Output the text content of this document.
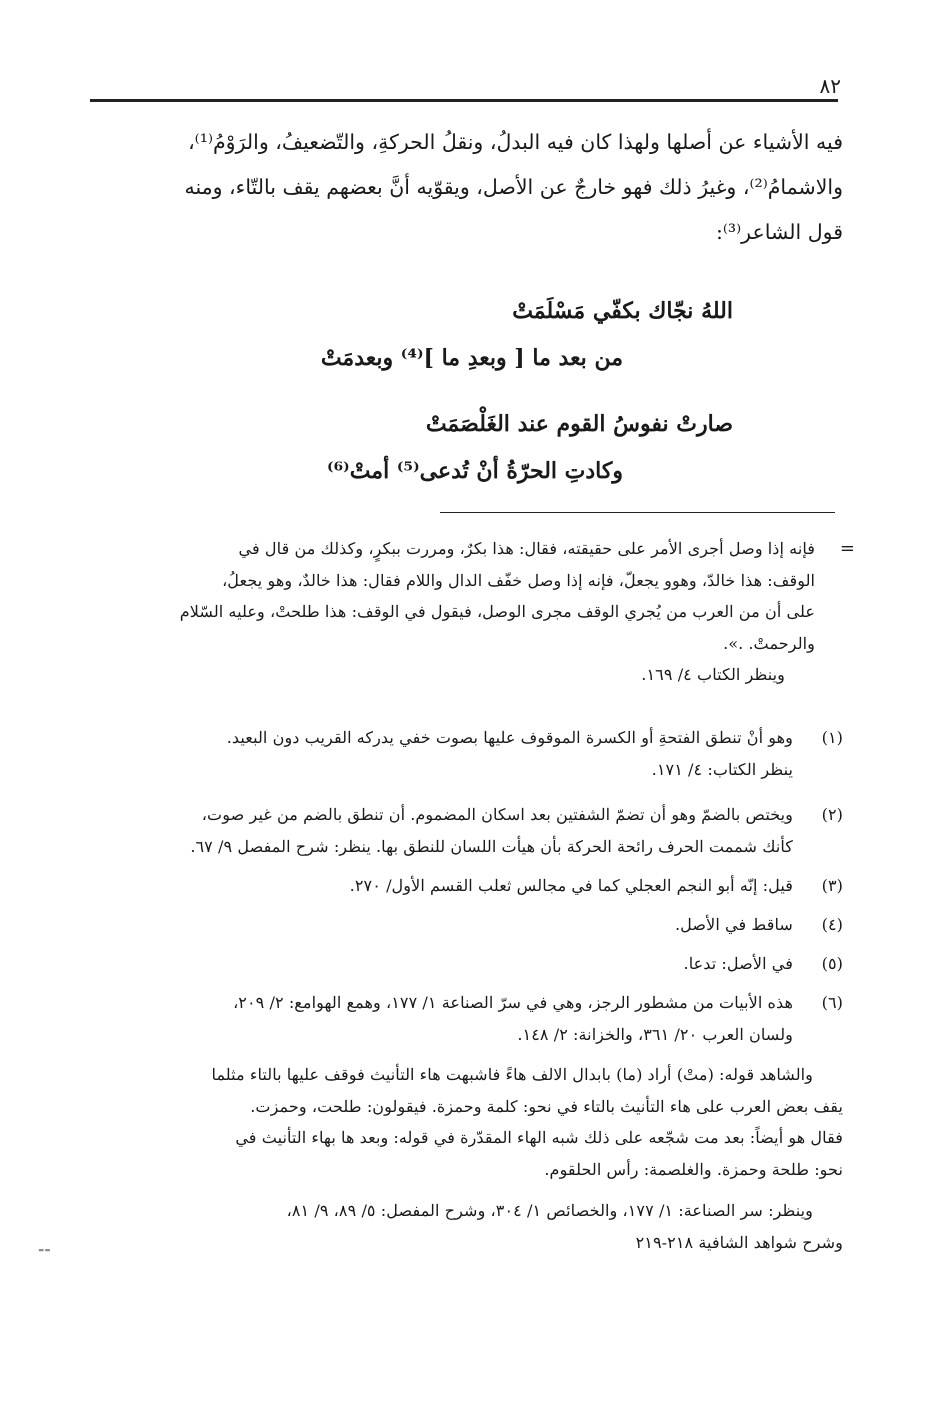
٨٢
فيه الأشياء عن أصلها ولهذا كان فيه البدلُ، ونقلُ الحركةِ، والتّضعيفُ، والرَوْمُ⁽¹⁾،
والاشمامُ⁽²⁾، وغيرُ ذلك فهو خارجٌ عن الأصل، ويقوّيه أنَّ بعضهم يقف بالتّاء، ومنه
قول الشاعر⁽³⁾:
اللهُ نجّاك بكفّي مَسْلَمَتْ
من بعد ما [ وبعدِ ما ]⁽⁴⁾ وبعدمَتْ
صارتْ نفوسُ القوم عند الغَلْصَمَتْ
وكادتِ الحرّةُ أنْ تُدعى⁽⁵⁾ أمتْ⁽⁶⁾
=
فإنه إذا وصل أجرى الأمر على حقيقته، فقال: هذا بكرٌ، ومررت ببكرٍ، وكذلك من قال في
الوقف: هذا خالدّ، وهوو يجعلّ، فإنه إذا وصل خفّف الدال واللام فقال: هذا خالدٌ، وهو يجعلُ،
على أن من العرب من يُجري الوقف مجرى الوصل، فيقول في الوقف: هذا طلحتْ، وعليه السّلام
والرحمتْ. .».
وينظر الكتاب ٤/ ١٦٩.
(١)
وهو أنْ تنطق الفتحةِ أو الكسرة الموقوف عليها بصوت خفي يدركه القريب دون البعيد.
ينظر الكتاب: ٤/ ١٧١.
(٢)
ويختص بالضمّ وهو أن تضمّ الشفتين بعد اسكان المضموم. أن تنطق بالضم من غير صوت،
كأنك شممت الحرف رائحة الحركة بأن هيأت اللسان للنطق بها. ينظر: شرح المفصل ٩/ ٦٧.
(٣)
قيل: إنّه أبو النجم العجلي كما في مجالس ثعلب القسم الأول/ ٢٧٠.
(٤)
ساقط في الأصل.
(٥)
في الأصل: تدعا.
(٦)
هذه الأبيات من مشطور الرجز، وهي في سرّ الصناعة ١/ ١٧٧، وهمع الهوامع: ٢/ ٢٠٩،
ولسان العرب ٢٠/ ٣٦١، والخزانة: ٢/ ١٤٨.
والشاهد قوله: (متْ) أراد (ما) بابدال الالف هاءً فاشبهت هاء التأنيث فوقف عليها بالتاء مثلما
يقف بعض العرب على هاء التأنيث بالتاء في نحو: كلمة وحمزة. فيقولون: طلحت، وحمزت.
فقال هو أيضاً: بعد مت شجّعه على ذلك شبه الهاء المقدّرة في قوله: وبعد ها بهاء التأنيث في
نحو: طلحة وحمزة. والغلصمة: رأس الحلقوم.
وينظر: سر الصناعة: ١/ ١٧٧، والخصائص ١/ ٣٠٤، وشرح المفصل: ٥/ ٨٩، ٩/ ٨١،
وشرح شواهد الشافية ٢١٨-٢١٩
⁼⁼
